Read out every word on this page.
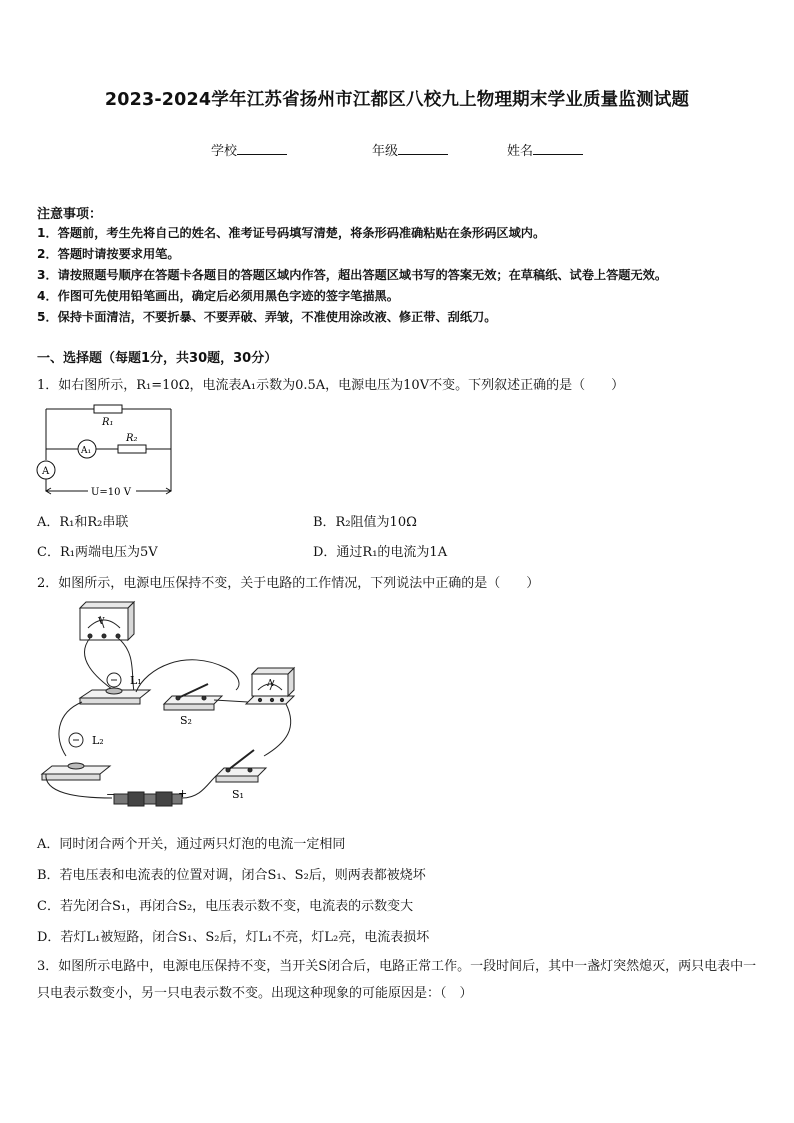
2023-2024学年江苏省扬州市江都区八校九上物理期末学业质量监测试题
学校	年级	姓名
注意事项：
1．答题前，考生先将自己的姓名、准考证号码填写清楚，将条形码准确粘贴在条形码区域内。
2．答题时请按要求用笔。
3．请按照题号顺序在答题卡各题目的答题区域内作答，超出答题区域书写的答案无效；在草稿纸、试卷上答题无效。
4．作图可先使用铅笔画出，确定后必须用黑色字迹的签字笔描黑。
5．保持卡面清洁，不要折暴、不要弄破、弄皱，不准使用涂改液、修正带、刮纸刀。
一、选择题（每题1分，共30题，30分）
1．如右图所示，R₁=10Ω，电流表A₁示数为0.5A，电源电压为10V不变。下列叙述正确的是（　　）
R₁
R₂
A₁
A
U=10 V
A．R₁和R₂串联	B．R₂阻值为10Ω
C．R₁两端电压为5V	D．通过R₁的电流为1A
2．如图所示，电源电压保持不变，关于电路的工作情况，下列说法中正确的是（　　）
V
L₁
S₂
A
L₂
S₁
−	+
A．同时闭合两个开关，通过两只灯泡的电流一定相同
B．若电压表和电流表的位置对调，闭合S₁、S₂后，则两表都被烧坏
C．若先闭合S₁，再闭合S₂，电压表示数不变，电流表的示数变大
D．若灯L₁被短路，闭合S₁、S₂后，灯L₁不亮，灯L₂亮，电流表损坏
3．如图所示电路中，电源电压保持不变，当开关S闭合后，电路正常工作。一段时间后，其中一盏灯突然熄灭，两只电表中一只电表示数变小，另一只电表示数不变。出现这种现象的可能原因是：（　）
